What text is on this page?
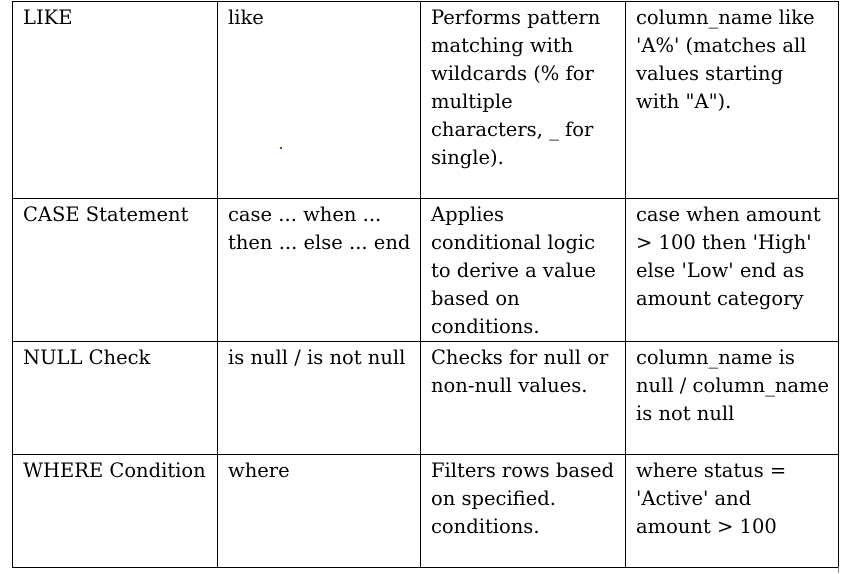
LIKE	like	Performs pattern matching with wildcards (% for multiple characters, _ for single).	column_name like 'A%' (matches all values starting with "A").
CASE Statement	case ... when ... then ... else ... end	Applies conditional logic to derive a value based on conditions.	case when amount > 100 then 'High' else 'Low' end as amount category
NULL Check	is null / is not null	Checks for null or non-null values.	column_name is null / column_name is not null
WHERE Condition	where	Filters rows based on specified. conditions.	where status = 'Active' and amount > 100
